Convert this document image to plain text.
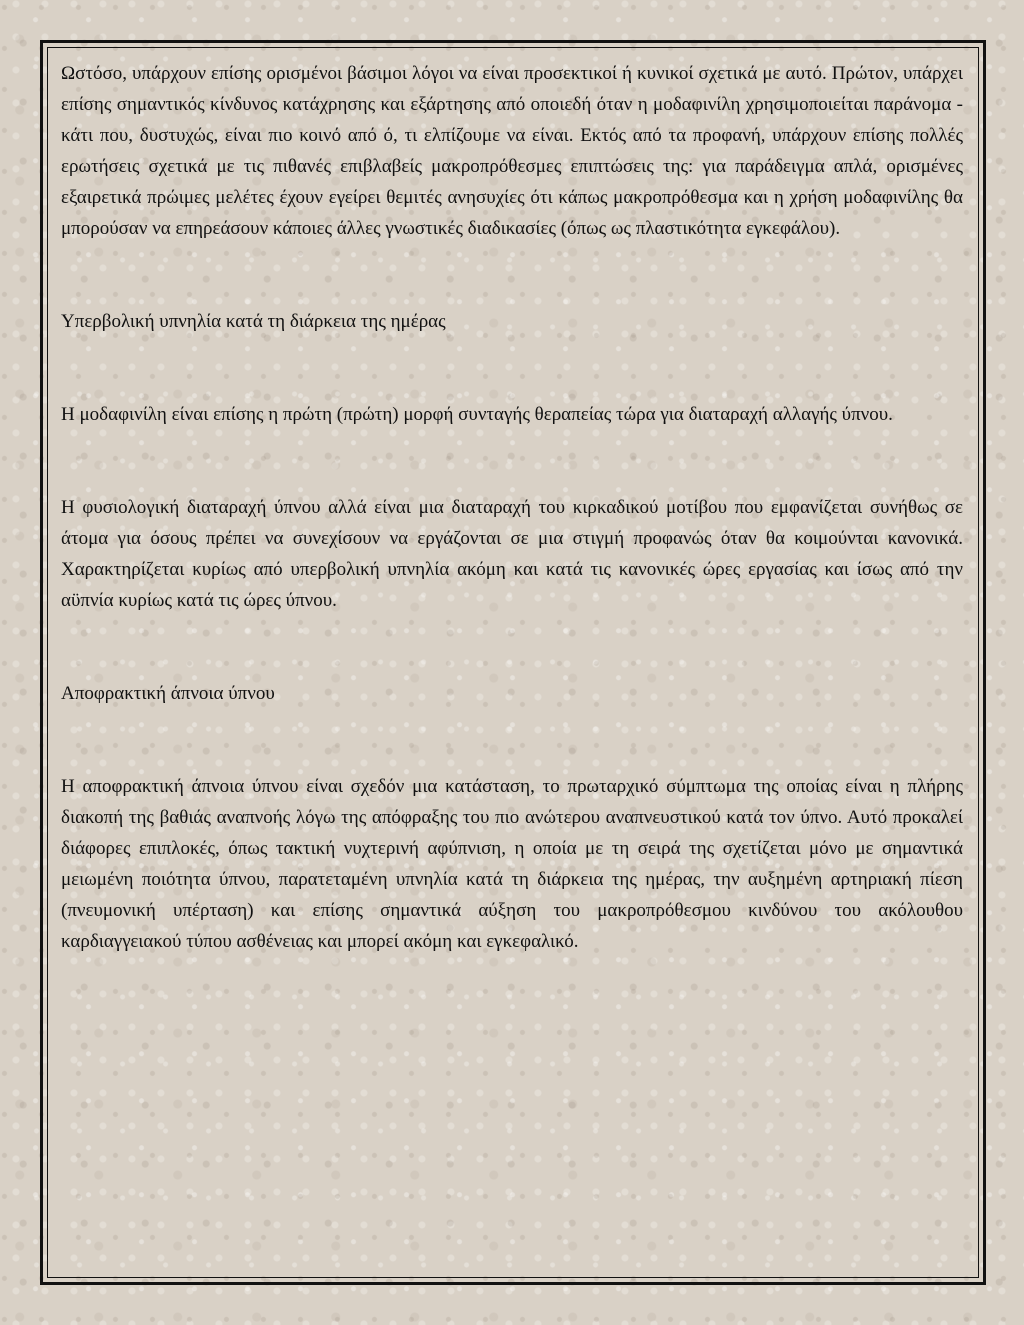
Ωστόσο, υπάρχουν επίσης ορισμένοι βάσιμοι λόγοι να είναι προσεκτικοί ή κυνικοί σχετικά με αυτό. Πρώτον, υπάρχει επίσης σημαντικός κίνδυνος κατάχρησης και εξάρτησης από οποιεδή όταν η μοδαφινίλη χρησιμοποιείται παράνομα - κάτι που, δυστυχώς, είναι πιο κοινό από ό, τι ελπίζουμε να είναι. Εκτός από τα προφανή, υπάρχουν επίσης πολλές ερωτήσεις σχετικά με τις πιθανές επιβλαβείς μακροπρόθεσμες επιπτώσεις της: για παράδειγμα απλά, ορισμένες εξαιρετικά πρώιμες μελέτες έχουν εγείρει θεμιτές ανησυχίες ότι κάπως μακροπρόθεσμα και η χρήση μοδαφινίλης θα μπορούσαν να επηρεάσουν κάποιες άλλες γνωστικές διαδικασίες (όπως ως πλαστικότητα εγκεφάλου).

Υπερβολική υπνηλία κατά τη διάρκεια της ημέρας

Η μοδαφινίλη είναι επίσης η πρώτη (πρώτη) μορφή συνταγής θεραπείας τώρα για διαταραχή αλλαγής ύπνου.

Η φυσιολογική διαταραχή ύπνου αλλά είναι μια διαταραχή του κιρκαδικού μοτίβου που εμφανίζεται συνήθως σε άτομα για όσους πρέπει να συνεχίσουν να εργάζονται σε μια στιγμή προφανώς όταν θα κοιμούνται κανονικά. Χαρακτηρίζεται κυρίως από υπερβολική υπνηλία ακόμη και κατά τις κανονικές ώρες εργασίας και ίσως από την αϋπνία κυρίως κατά τις ώρες ύπνου.

Αποφρακτική άπνοια ύπνου

Η αποφρακτική άπνοια ύπνου είναι σχεδόν μια κατάσταση, το πρωταρχικό σύμπτωμα της οποίας είναι η πλήρης διακοπή της βαθιάς αναπνοής λόγω της απόφραξης του πιο ανώτερου αναπνευστικού κατά τον ύπνο. Αυτό προκαλεί διάφορες επιπλοκές, όπως τακτική νυχτερινή αφύπνιση, η οποία με τη σειρά της σχετίζεται μόνο με σημαντικά μειωμένη ποιότητα ύπνου, παρατεταμένη υπνηλία κατά τη διάρκεια της ημέρας, την αυξημένη αρτηριακή πίεση (πνευμονική υπέρταση) και επίσης σημαντικά αύξηση του μακροπρόθεσμου κινδύνου του ακόλουθου καρδιαγγειακού τύπου ασθένειας και μπορεί ακόμη και εγκεφαλικό.
